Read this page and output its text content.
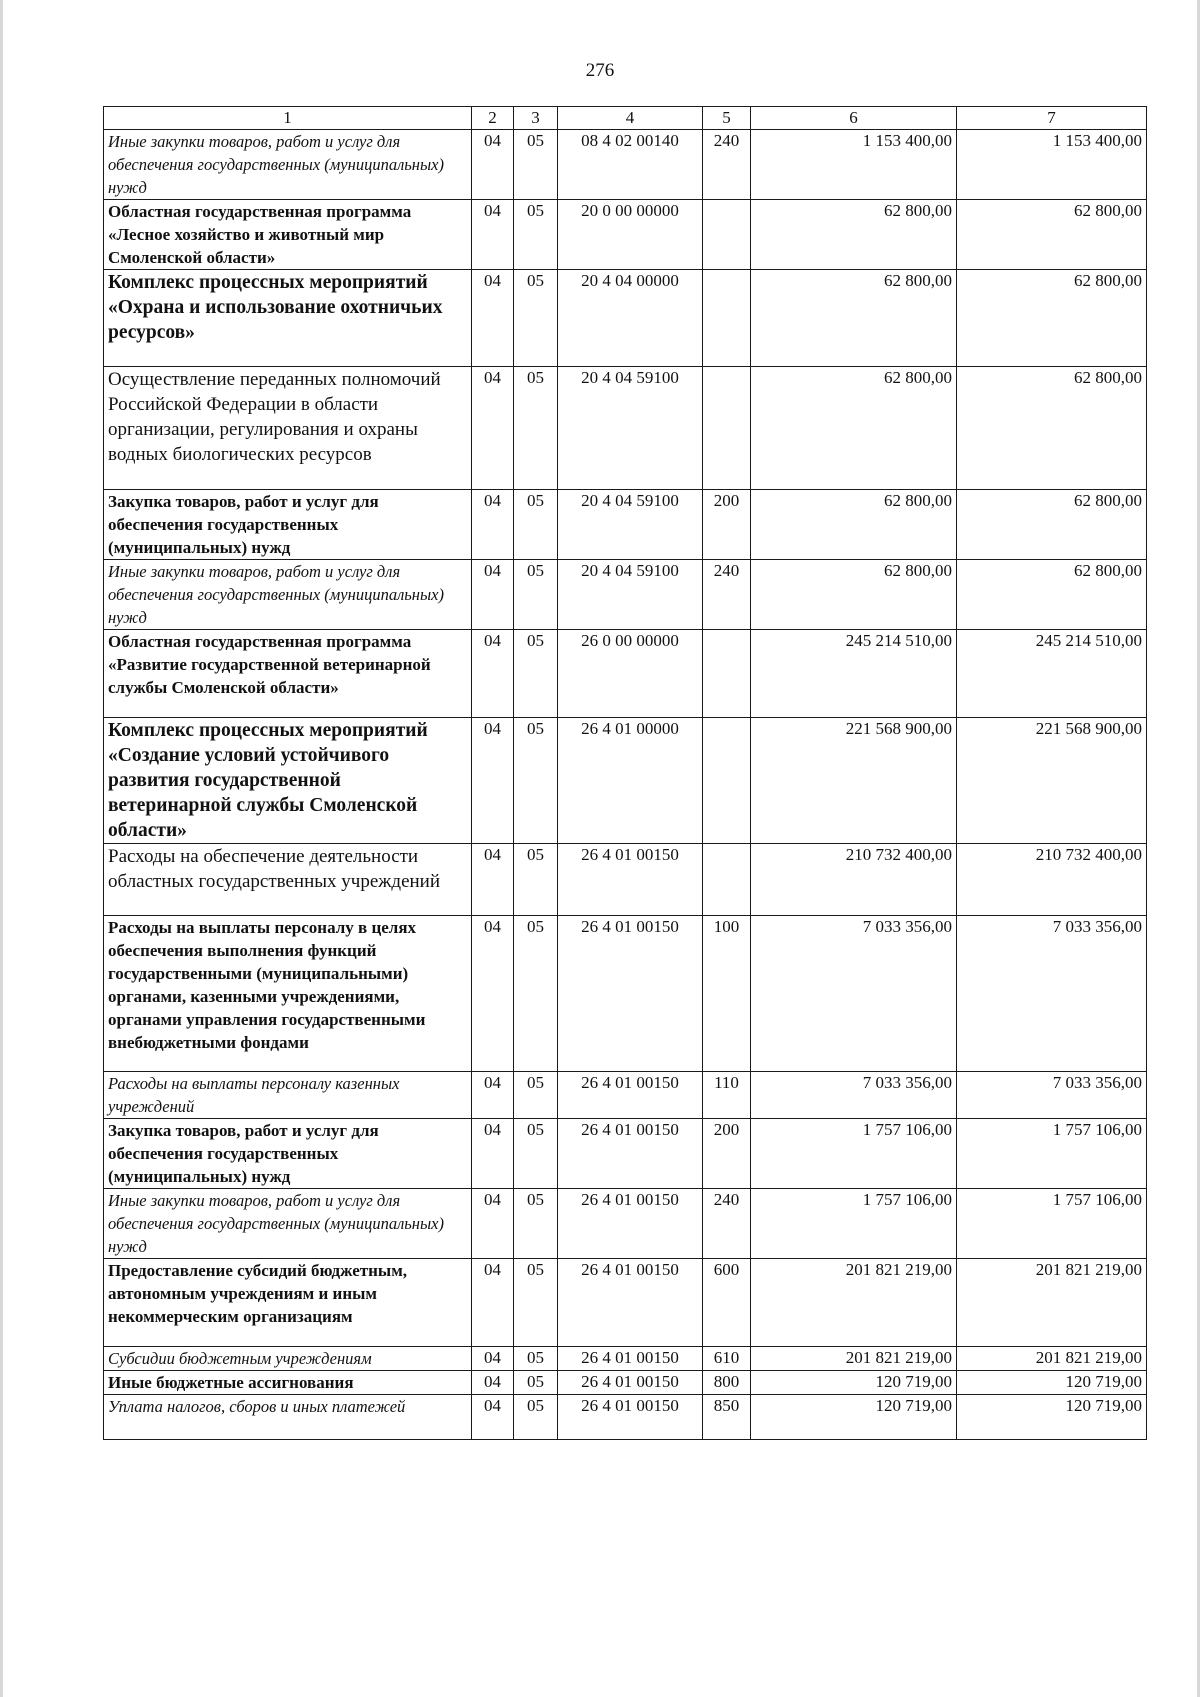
276
1	2	3	4	5	6	7
Иные закупки товаров, работ и услуг для обеспечения государственных (муниципальных) нужд	04	05	08 4 02 00140	240	1 153 400,00	1 153 400,00
Областная государственная программа «Лесное хозяйство и животный мир Смоленской области»	04	05	20 0 00 00000		62 800,00	62 800,00
Комплекс процессных мероприятий «Охрана и использование охотничьих ресурсов»	04	05	20 4 04 00000		62 800,00	62 800,00
Осуществление переданных полномочий Российской Федерации в области организации, регулирования и охраны водных биологических ресурсов	04	05	20 4 04 59100		62 800,00	62 800,00
Закупка товаров, работ и услуг для обеспечения государственных (муниципальных) нужд	04	05	20 4 04 59100	200	62 800,00	62 800,00
Иные закупки товаров, работ и услуг для обеспечения государственных (муниципальных) нужд	04	05	20 4 04 59100	240	62 800,00	62 800,00
Областная государственная программа «Развитие государственной ветеринарной службы Смоленской области»	04	05	26 0 00 00000		245 214 510,00	245 214 510,00
Комплекс процессных мероприятий «Создание условий устойчивого развития государственной ветеринарной службы Смоленской области»	04	05	26 4 01 00000		221 568 900,00	221 568 900,00
Расходы на обеспечение деятельности областных государственных учреждений	04	05	26 4 01 00150		210 732 400,00	210 732 400,00
Расходы на выплаты персоналу в целях обеспечения выполнения функций государственными (муниципальными) органами, казенными учреждениями, органами управления государственными внебюджетными фондами	04	05	26 4 01 00150	100	7 033 356,00	7 033 356,00
Расходы на выплаты персоналу казенных учреждений	04	05	26 4 01 00150	110	7 033 356,00	7 033 356,00
Закупка товаров, работ и услуг для обеспечения государственных (муниципальных) нужд	04	05	26 4 01 00150	200	1 757 106,00	1 757 106,00
Иные закупки товаров, работ и услуг для обеспечения государственных (муниципальных) нужд	04	05	26 4 01 00150	240	1 757 106,00	1 757 106,00
Предоставление субсидий бюджетным, автономным учреждениям и иным некоммерческим организациям	04	05	26 4 01 00150	600	201 821 219,00	201 821 219,00
Субсидии бюджетным учреждениям	04	05	26 4 01 00150	610	201 821 219,00	201 821 219,00
Иные бюджетные ассигнования	04	05	26 4 01 00150	800	120 719,00	120 719,00
Уплата налогов, сборов и иных платежей	04	05	26 4 01 00150	850	120 719,00	120 719,00
